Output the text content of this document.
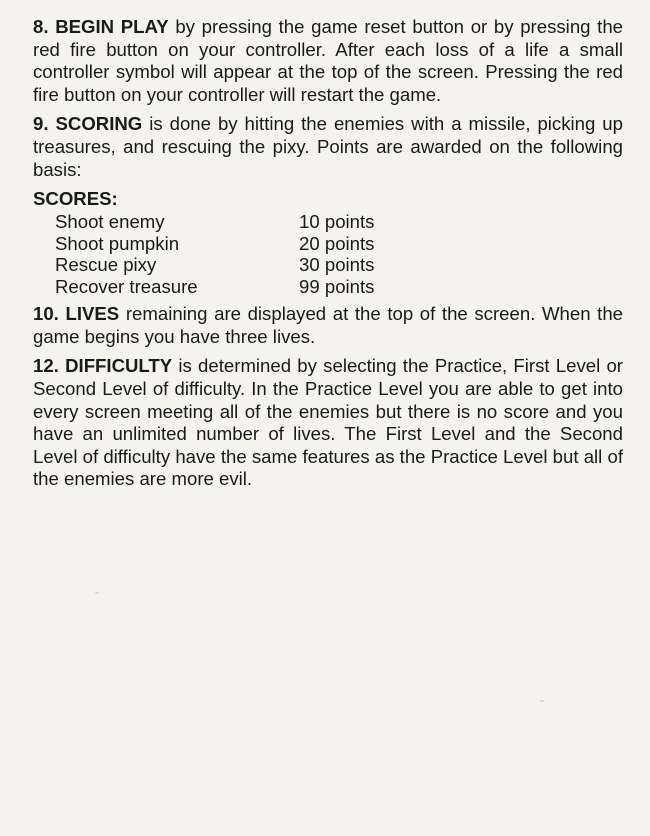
8. BEGIN PLAY by pressing the game reset button or by pressing the red fire button on your controller. After each loss of a life a small controller symbol will appear at the top of the screen. Pressing the red fire button on your controller will restart the game.

9. SCORING is done by hitting the enemies with a missile, picking up treasures, and rescuing the pixy. Points are awarded on the following basis:

SCORES:
Shoot enemy	10 points
Shoot pumpkin	20 points
Rescue pixy	30 points
Recover treasure	99 points

10. LIVES remaining are displayed at the top of the screen. When the game begins you have three lives.

12. DIFFICULTY is determined by selecting the Practice, First Level or Second Level of difficulty. In the Practice Level you are able to get into every screen meeting all of the enemies but there is no score and you have an unlimited number of lives. The First Level and the Second Level of difficulty have the same features as the Practice Level but all of the enemies are more evil.
